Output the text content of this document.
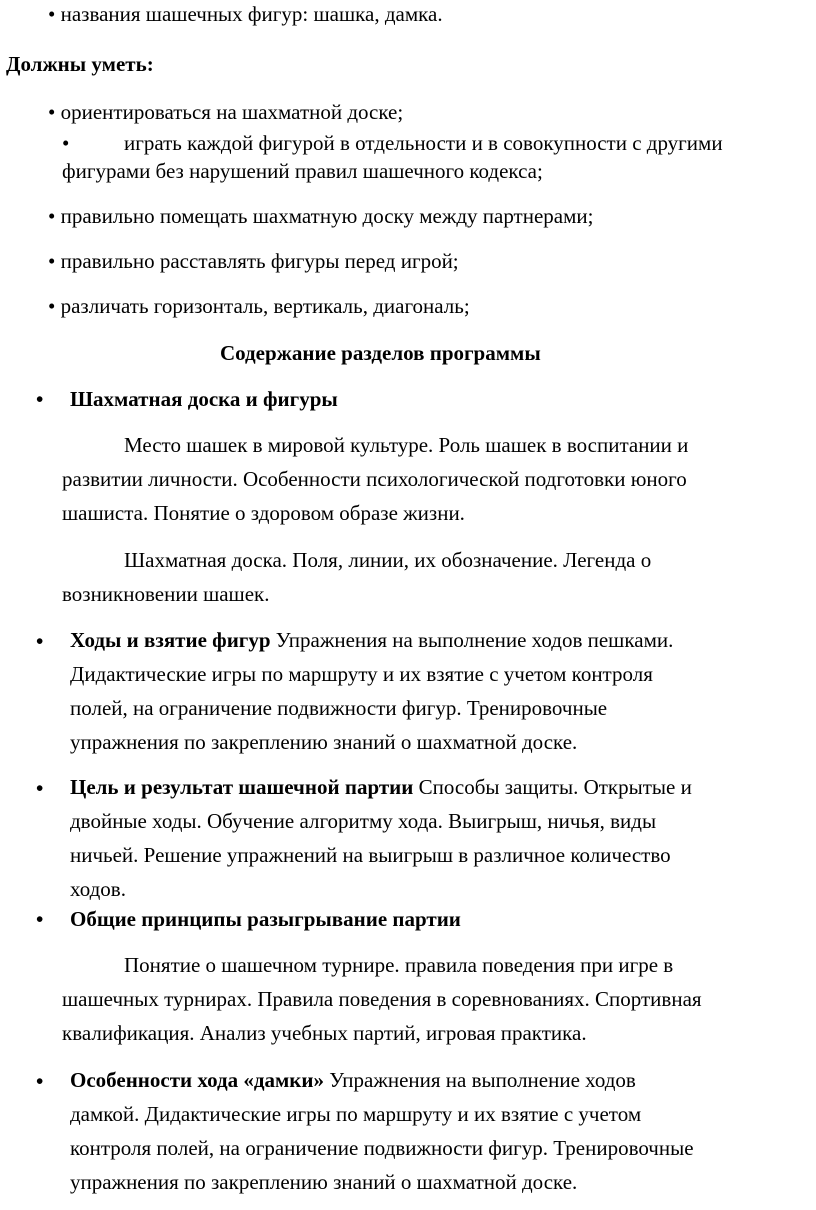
• названия шашечных фигур: шашка, дамка.
Должны уметь:
• ориентироваться на шахматной доске;
•	играть каждой фигурой в отдельности и в совокупности с другими
фигурами без нарушений правил шашечного кодекса;
• правильно помещать шахматную доску между партнерами;
• правильно расставлять фигуры перед игрой;
• различать горизонталь, вертикаль, диагональ;
Содержание разделов программы
• Шахматная доска и фигуры
Место шашек в мировой культуре. Роль шашек в воспитании и
развитии личности. Особенности психологической подготовки юного
шашиста. Понятие о здоровом образе жизни.
Шахматная доска. Поля, линии, их обозначение. Легенда о
возникновении шашек.
• Ходы и взятие фигур Упражнения на выполнение ходов пешками.
Дидактические игры по маршруту и их взятие с учетом контроля
полей, на ограничение подвижности фигур. Тренировочные
упражнения по закреплению знаний о шахматной доске.
• Цель и результат шашечной партии Способы защиты. Открытые и
двойные ходы. Обучение алгоритму хода. Выигрыш, ничья, виды
ничьей. Решение упражнений на выигрыш в различное количество
ходов.
• Общие принципы разыгрывание партии
Понятие о шашечном турнире. правила поведения при игре в
шашечных турнирах. Правила поведения в соревнованиях. Спортивная
квалификация. Анализ учебных партий, игровая практика.
• Особенности хода «дамки» Упражнения на выполнение ходов
дамкой. Дидактические игры по маршруту и их взятие с учетом
контроля полей, на ограничение подвижности фигур. Тренировочные
упражнения по закреплению знаний о шахматной доске.
